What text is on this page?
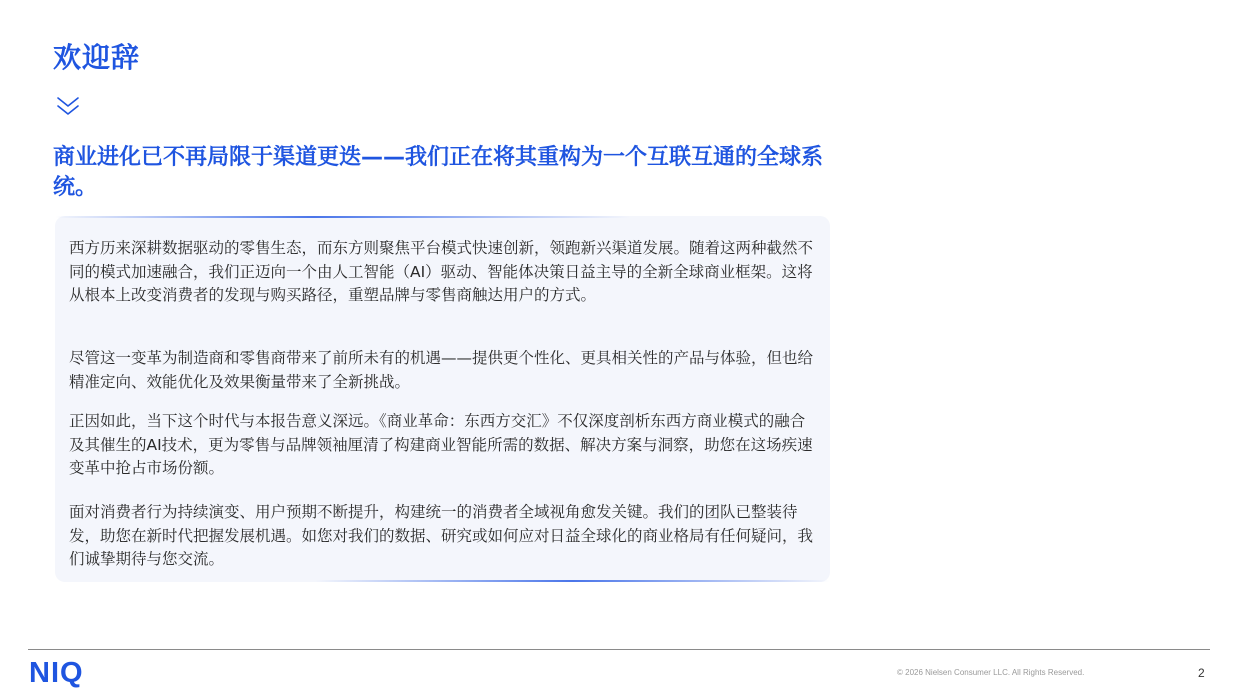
欢迎辞
商业进化已不再局限于渠道更迭——我们正在将其重构为一个互联互通的全球系统。

西方历来深耕数据驱动的零售生态，而东方则聚焦平台模式快速创新，领跑新兴渠道发展。随着这两种截然不同的模式加速融合，我们正迈向一个由人工智能（AI）驱动、智能体决策日益主导的全新全球商业框架。这将从根本上改变消费者的发现与购买路径，重塑品牌与零售商触达用户的方式。

尽管这一变革为制造商和零售商带来了前所未有的机遇——提供更个性化、更具相关性的产品与体验，但也给精准定向、效能优化及效果衡量带来了全新挑战。

正因如此，当下这个时代与本报告意义深远。《商业革命：东西方交汇》不仅深度剖析东西方商业模式的融合及其催生的AI技术，更为零售与品牌领袖厘清了构建商业智能所需的数据、解决方案与洞察，助您在这场疾速变革中抢占市场份额。

面对消费者行为持续演变、用户预期不断提升，构建统一的消费者全域视角愈发关键。我们的团队已整装待发，助您在新时代把握发展机遇。如您对我们的数据、研究或如何应对日益全球化的商业格局有任何疑问，我们诚挚期待与您交流。

NIQ	© 2026 Nielsen Consumer LLC. All Rights Reserved.	2
